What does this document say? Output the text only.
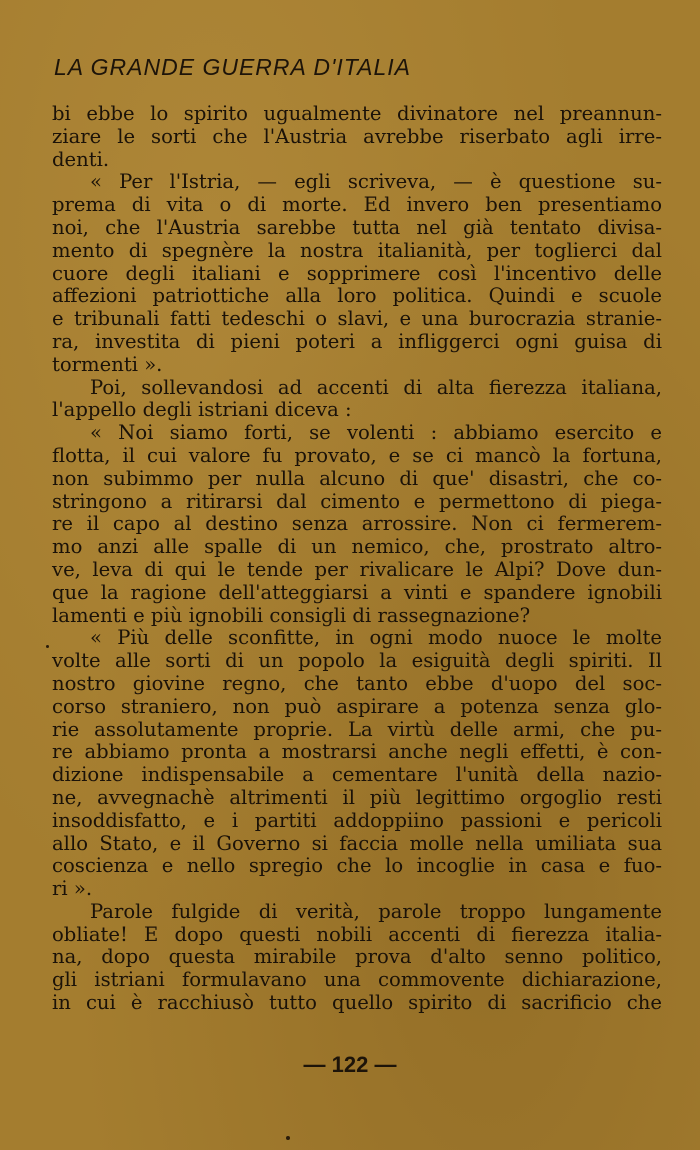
LA GRANDE GUERRA D'ITALIA
bi ebbe lo spirito ugualmente divinatore nel preannun-
ziare le sorti che l'Austria avrebbe riserbato agli irre-
denti.
« Per l'Istria, — egli scriveva, — è questione su-
prema di vita o di morte. Ed invero ben presentiamo
noi, che l'Austria sarebbe tutta nel già tentato divisa-
mento di spegnère la nostra italianità, per toglierci dal
cuore degli italiani e sopprimere così l'incentivo delle
affezioni patriottiche alla loro politica. Quindi e scuole
e tribunali fatti tedeschi o slavi, e una burocrazia stranie-
ra, investita di pieni poteri a infliggerci ogni guisa di
tormenti ».
Poi, sollevandosi ad accenti di alta fierezza italiana,
l'appello degli istriani diceva :
« Noi siamo forti, se volenti : abbiamo esercito e
flotta, il cui valore fu provato, e se ci mancò la fortuna,
non subimmo per nulla alcuno di que' disastri, che co-
stringono a ritirarsi dal cimento e permettono di piega-
re il capo al destino senza arrossire. Non ci fermerem-
mo anzi alle spalle di un nemico, che, prostrato altro-
ve, leva di qui le tende per rivalicare le Alpi? Dove dun-
que la ragione dell'atteggiarsi a vinti e spandere ignobili
lamenti e più ignobili consigli di rassegnazione?
« Più delle sconfitte, in ogni modo nuoce le molte
volte alle sorti di un popolo la esiguità degli spiriti. Il
nostro giovine regno, che tanto ebbe d'uopo del soc-
corso straniero, non può aspirare a potenza senza glo-
rie assolutamente proprie. La virtù delle armi, che pu-
re abbiamo pronta a mostrarsi anche negli effetti, è con-
dizione indispensabile a cementare l'unità della nazio-
ne, avvegnachè altrimenti il più legittimo orgoglio resti
insoddisfatto, e i partiti addoppiino passioni e pericoli
allo Stato, e il Governo si faccia molle nella umiliata sua
coscienza e nello spregio che lo incoglie in casa e fuo-
ri ».
Parole fulgide di verità, parole troppo lungamente
obliate! E dopo questi nobili accenti di fierezza italia-
na, dopo questa mirabile prova d'alto senno politico,
gli istriani formulavano una commovente dichiarazione,
in cui è racchiusò tutto quello spirito di sacrificio che
— 122 —
